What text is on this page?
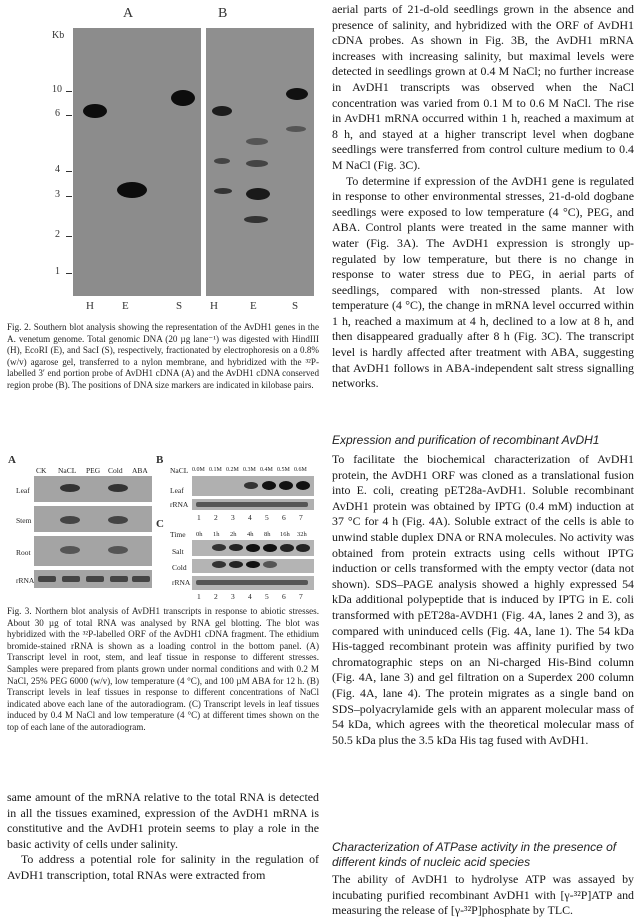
A	B
Kb
10
6
4
3
2
1
H	E	S	H	E	S
Fig. 2. Southern blot analysis showing the representation of the AvDH1 genes in the A. venetum genome. Total genomic DNA (20 µg lane⁻¹) was digested with HindIII (H), EcoRI (E), and SacI (S), respectively, fractionated by electrophoresis on a 0.8% (w/v) agarose gel, transferred to a nylon membrane, and hybridized with the ³²P-labelled 3′ end portion probe of AvDH1 cDNA (A) and the AvDH1 cDNA conserved region probe (B). The positions of DNA size markers are indicated in kilobase pairs.
A
CK NaCL PEG Cold ABA
Leaf
Stem
Root
rRNA
B
NaCL 0.0M 0.1M 0.2M 0.3M 0.4M 0.5M 0.6M
Leaf
rRNA
1 2 3 4 5 6 7
C
Time 0h 1h 2h 4h 8h 16h 32h
Salt
Cold
rRNA
1 2 3 4 5 6 7
Fig. 3. Northern blot analysis of AvDH1 transcripts in response to abiotic stresses. About 30 µg of total RNA was analysed by RNA gel blotting. The blot was hybridized with the ³²P-labelled ORF of the AvDH1 cDNA fragment. The ethidium bromide-stained rRNA is shown as a loading control in the bottom panel. (A) Transcript level in root, stem, and leaf tissue in response to different stresses. Samples were prepared from plants grown under normal conditions and with 0.2 M NaCl, 25% PEG 6000 (w/v), low temperature (4 °C), and 100 µM ABA for 12 h. (B) Transcript levels in leaf tissues in response to different concentrations of NaCl indicated above each lane of the autoradiogram. (C) Transcript levels in leaf tissues induced by 0.4 M NaCl and low temperature (4 °C) at different times shown on the top of each lane of the autoradiogram.

same amount of the mRNA relative to the total RNA is detected in all the tissues examined, expression of the AvDH1 mRNA is constitutive and the AvDH1 protein seems to play a role in the basic activity of cells under salinity.

To address a potential role for salinity in the regulation of AvDH1 transcription, total RNAs were extracted from

aerial parts of 21-d-old seedlings grown in the absence and presence of salinity, and hybridized with the ORF of AvDH1 cDNA probes. As shown in Fig. 3B, the AvDH1 mRNA increases with increasing salinity, but maximal levels were detected in seedlings grown at 0.4 M NaCl; no further increase in AvDH1 transcripts was observed when the NaCl concentration was varied from 0.1 M to 0.6 M NaCl. The rise in AvDH1 mRNA occurred within 1 h, reached a maximum at 8 h, and stayed at a higher transcript level when dogbane seedlings were transferred from control culture medium to 0.4 M NaCl (Fig. 3C).

To determine if expression of the AvDH1 gene is regulated in response to other environmental stresses, 21-d-old dogbane seedlings were exposed to low temperature (4 °C), PEG, and ABA. Control plants were treated in the same manner with water (Fig. 3A). The AvDH1 expression is strongly up-regulated by low temperature, but there is no change in response to water stress due to PEG, in aerial parts of seedlings, compared with non-stressed plants. At low temperature (4 °C), the change in mRNA level occurred within 1 h, reached a maximum at 4 h, declined to a low at 8 h, and then disappeared gradually after 8 h (Fig. 3C). The transcript level is hardly affected after treatment with ABA, suggesting that AvDH1 follows in ABA-independent salt stress signalling networks.

Expression and purification of recombinant AvDH1

To facilitate the biochemical characterization of AvDH1 protein, the AvDH1 ORF was cloned as a translational fusion into E. coli, creating pET28a-AvDH1. Soluble recombinant AvDH1 protein was obtained by IPTG (0.4 mM) induction at 37 °C for 4 h (Fig. 4A). Soluble extract of the cells is able to unwind stable duplex DNA or RNA molecules. No activity was obtained from protein extracts using cells without IPTG induction or cells transformed with the empty vector (data not shown). SDS–PAGE analysis showed a highly expressed 54 kDa additional polypeptide that is induced by IPTG in E. coli transformed with pET28a-AVDH1 (Fig. 4A, lanes 2 and 3), as compared with uninduced cells (Fig. 4A, lane 1). The 54 kDa His-tagged recombinant protein was affinity purified by two chromatographic steps on an Ni-charged His-Bind column (Fig. 4A, lane 3) and gel filtration on a Superdex 200 column (Fig. 4A, lane 4). The protein migrates as a single band on SDS–polyacrylamide gels with an apparent molecular mass of 54 kDa, which agrees with the theoretical molecular mass of 50.5 kDa plus the 3.5 kDa His tag fused with AvDH1.

Characterization of ATPase activity in the presence of different kinds of nucleic acid species

The ability of AvDH1 to hydrolyse ATP was assayed by incubating purified recombinant AvDH1 with [γ-³²P]ATP and measuring the release of [γ-³²P]phosphate by TLC.
